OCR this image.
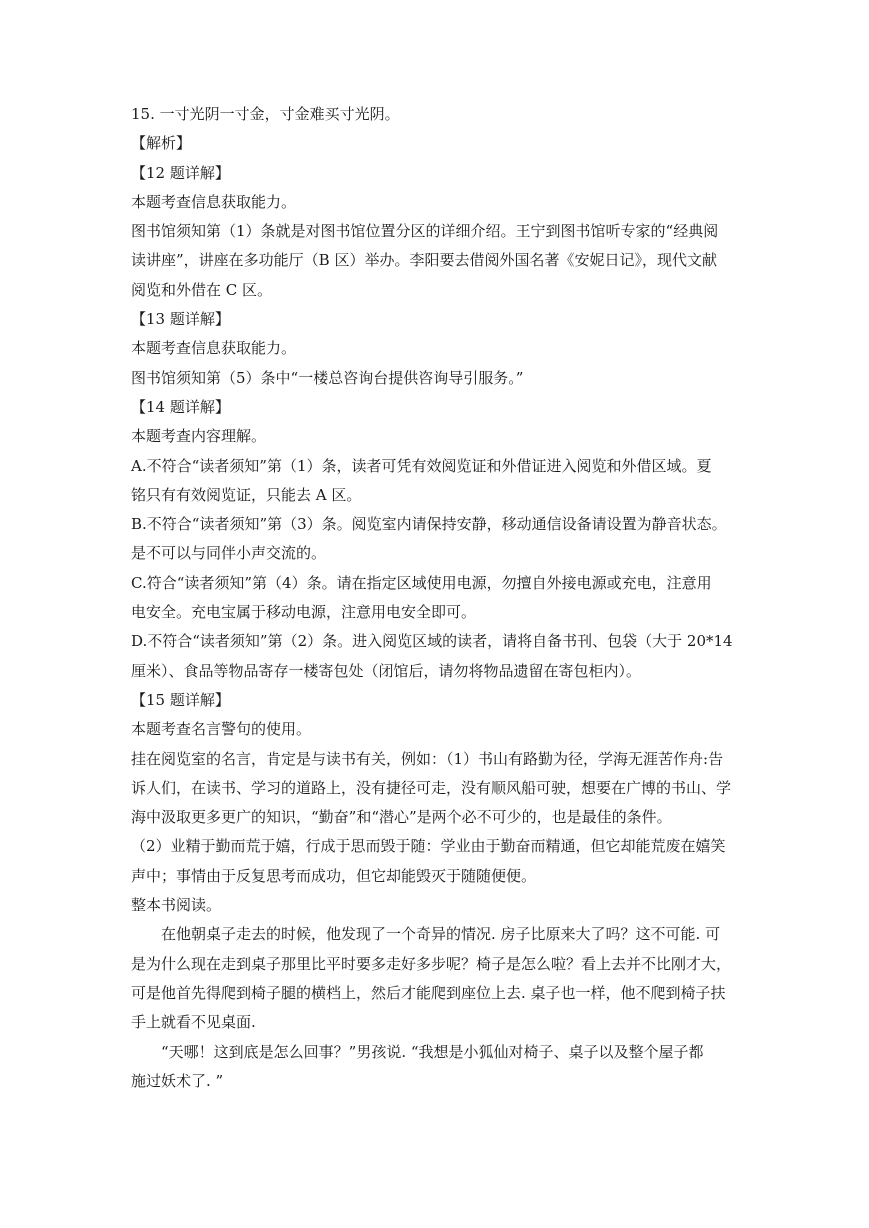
15. 一寸光阴一寸金，寸金难买寸光阴。

【解析】

【12 题详解】

本题考查信息获取能力。

图书馆须知第（1）条就是对图书馆位置分区的详细介绍。王宁到图书馆听专家的“经典阅

读讲座”，讲座在多功能厅（B 区）举办。李阳要去借阅外国名著《安妮日记》，现代文献

阅览和外借在 C 区。

【13 题详解】

本题考查信息获取能力。

图书馆须知第（5）条中“一楼总咨询台提供咨询导引服务。”

【14 题详解】

本题考查内容理解。

A.不符合“读者须知”第（1）条，读者可凭有效阅览证和外借证进入阅览和外借区域。夏

铭只有有效阅览证，只能去 A 区。

B.不符合“读者须知”第（3）条。阅览室内请保持安静，移动通信设备请设置为静音状态。

是不可以与同伴小声交流的。

C.符合“读者须知”第（4）条。请在指定区域使用电源，勿擅自外接电源或充电，注意用

电安全。充电宝属于移动电源，注意用电安全即可。

D.不符合“读者须知”第（2）条。进入阅览区域的读者，请将自备书刊、包袋（大于 20*14

厘米）、食品等物品寄存一楼寄包处（闭馆后，请勿将物品遗留在寄包柜内）。

【15 题详解】

本题考查名言警句的使用。

挂在阅览室的名言，肯定是与读书有关，例如：（1）书山有路勤为径，学海无涯苦作舟:告

诉人们，在读书、学习的道路上，没有捷径可走，没有顺风船可驶，想要在广博的书山、学

海中汲取更多更广的知识，“勤奋”和“潜心”是两个必不可少的，也是最佳的条件。

（2）业精于勤而荒于嬉，行成于思而毁于随：学业由于勤奋而精通，但它却能荒废在嬉笑

声中；事情由于反复思考而成功，但它却能毁灭于随随便便。

整本书阅读。

在他朝桌子走去的时候，他发现了一个奇异的情况. 房子比原来大了吗？这不可能. 可

是为什么现在走到桌子那里比平时要多走好多步呢？椅子是怎么啦？看上去并不比刚才大，

可是他首先得爬到椅子腿的横档上，然后才能爬到座位上去. 桌子也一样，他不爬到椅子扶

手上就看不见桌面.

“天哪！这到底是怎么回事？”男孩说. “我想是小狐仙对椅子、桌子以及整个屋子都

施过妖术了. ”
